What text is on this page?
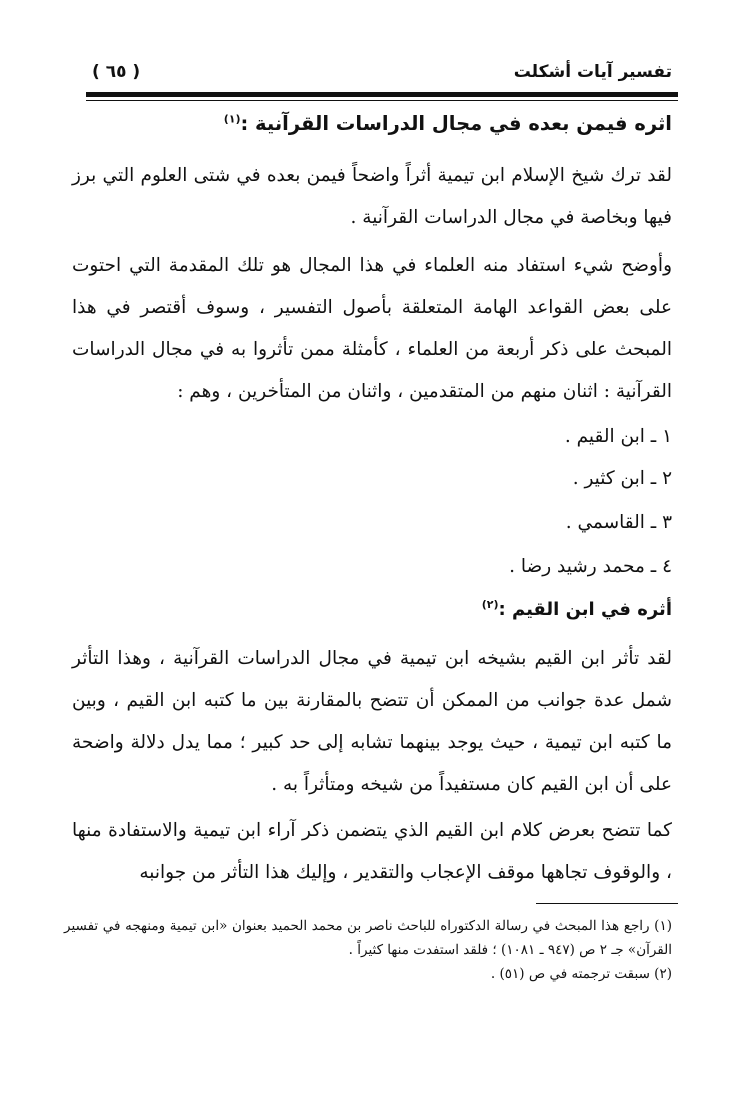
تفسير آيات أشكلت
( ٦٥ )
اثره فيمن بعده في مجال الدراسات القرآنية :$^{(١)}$
لقد ترك شيخ الإسلام ابن تيمية أثراً واضحاً فيمن بعده في شتى العلوم التي برز فيها وبخاصة في مجال الدراسات القرآنية .
وأوضح شيء استفاد منه العلماء في هذا المجال هو تلك المقدمة التي احتوت على بعض القواعد الهامة المتعلقة بأصول التفسير ، وسوف أقتصر في هذا المبحث على ذكر أربعة من العلماء ، كأمثلة ممن تأثروا به في مجال الدراسات القرآنية : اثنان منهم من المتقدمين ، واثنان من المتأخرين ، وهم :
١ ـ ابن القيم .
٢ ـ ابن كثير .
٣ ـ القاسمي .
٤ ـ محمد رشيد رضا .
أثره في ابن القيم :$^{(٢)}$
لقد تأثر ابن القيم بشيخه ابن تيمية في مجال الدراسات القرآنية ، وهذا التأثر شمل عدة جوانب من الممكن أن تتضح بالمقارنة بين ما كتبه ابن القيم ، وبين ما كتبه ابن تيمية ، حيث يوجد بينهما تشابه إلى حد كبير ؛ مما يدل دلالة واضحة على أن ابن القيم كان مستفيداً من شيخه ومتأثراً به .
كما تتضح بعرض كلام ابن القيم الذي يتضمن ذكر آراء ابن تيمية والاستفادة منها ، والوقوف تجاهها موقف الإعجاب والتقدير ، وإليك هذا التأثر من جوانبه
(١) راجع هذا المبحث في رسالة الدكتوراه للباحث ناصر بن محمد الحميد بعنوان «ابن تيمية ومنهجه في تفسير القرآن» جـ ٢ ص (٩٤٧ ـ ١٠٨١) ؛ فلقد استفدت منها كثيراً .
(٢) سبقت ترجمته في ص (٥١) .
